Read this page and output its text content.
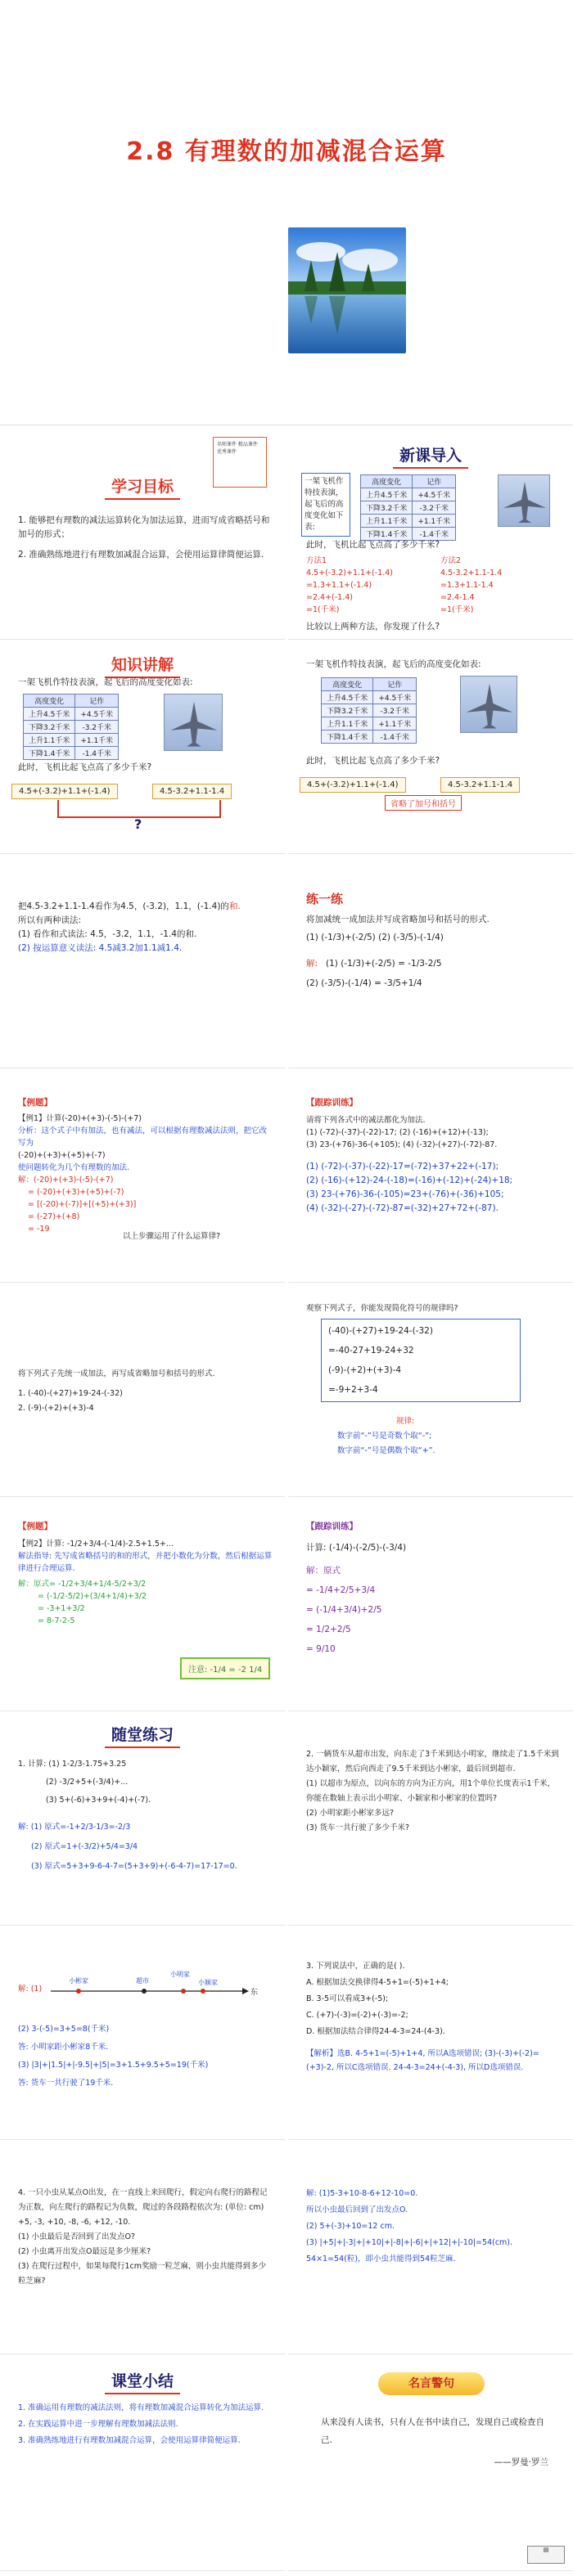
2.8 有理数的加减混合运算
名师课件 精品课件 优秀课件
学习目标
1. 能够把有理数的减法运算转化为加法运算，进而写成省略括号和加号的形式；
2. 准确熟练地进行有理数加减混合运算，会使用运算律简便运算.
新课导入
一架飞机作特技表演，起飞后的高度变化如下表:
高度变化	记作
上升4.5千米	+4.5千米
下降3.2千米	-3.2千米
上升1.1千米	+1.1千米
下降1.4千米	-1.4千米
此时，飞机比起飞点高了多少千米?
方法1
4.5+(-3.2)+1.1+(-1.4)
=1.3+1.1+(-1.4)
=2.4+(-1.4)
=1(千米)
方法2
4.5-3.2+1.1-1.4
=1.3+1.1-1.4
=2.4-1.4
=1(千米)
比较以上两种方法，你发现了什么?
知识讲解
一架飞机作特技表演，起飞后的高度变化如表:
高度变化	记作
上升4.5千米	+4.5千米
下降3.2千米	-3.2千米
上升1.1千米	+1.1千米
下降1.4千米	-1.4千米
此时，飞机比起飞点高了多少千米?
4.5+(-3.2)+1.1+(-1.4)	4.5-3.2+1.1-1.4
?
一架飞机作特技表演，起飞后的高度变化如表:
高度变化	记作
上升4.5千米	+4.5千米
下降3.2千米	-3.2千米
上升1.1千米	+1.1千米
下降1.4千米	-1.4千米
此时，飞机比起飞点高了多少千米?
4.5+(-3.2)+1.1+(-1.4)	4.5-3.2+1.1-1.4
省略了加号和括号
把4.5-3.2+1.1-1.4看作为4.5，(-3.2)，1.1，(-1.4)的和.
所以有两种读法:
(1) 看作和式读法: 4.5，-3.2，1.1，-1.4的和.
(2) 按运算意义读法: 4.5减3.2加1.1减1.4.
练一练
将加减统一成加法并写成省略加号和括号的形式.
(1) (-1/3)+(-2/5) (2) (-3/5)-(-1/4)
解: (1) (-1/3)+(-2/5) = -1/3-2/5
(2) (-3/5)-(-1/4) = -3/5+1/4
【例题】
【例1】计算(-20)+(+3)-(-5)-(+7)
分析：这个式子中有加法，也有减法，可以根据有理数减法法则，把它改写为
(-20)+(+3)+(+5)+(-7)
使问题转化为几个有理数的加法.
解：(-20)+(+3)-(-5)-(+7)
= (-20)+(+3)+(+5)+(-7)
= [(-20)+(-7)]+[(+5)+(+3)]
= (-27)+(+8)
= -19
以上步骤运用了什么运算律?
【跟踪训练】
请将下列各式中的减法都化为加法.
(1) (-72)-(-37)-(-22)-17; (2) (-16)+(+12)+(-13);
(3) 23-(+76)-36-(+105); (4) (-32)-(+27)-(-72)-87.
(1) (-72)-(-37)-(-22)-17=(-72)+37+22+(-17);
(2) (-16)-(+12)-24-(-18)=(-16)+(-12)+(-24)+18;
(3) 23-(+76)-36-(-105)=23+(-76)+(-36)+105;
(4) (-32)-(-27)-(-72)-87=(-32)+27+72+(-87).
将下列式子先统一成加法，再写成省略加号和括号的形式.
1. (-40)-(+27)+19-24-(-32)
2. (-9)-(+2)+(+3)-4
观察下列式子，你能发现简化符号的规律吗?
(-40)-(+27)+19-24-(-32)
=-40-27+19-24+32
(-9)-(+2)+(+3)-4
=-9+2+3-4
规律:
数字前“-”号是奇数个取“-”;
数字前“-”号是偶数个取“+”.
【例题】
【例2】计算: -1/2+3/4-(-1/4)-2.5+1.5+...
解法指导: 先写成省略括号的和的形式，并把小数化为分数，然后根据运算律进行合理运算.
解：原式= -1/2+3/4+1/4-5/2+3/2
= (-1/2-5/2)+(3/4+1/4)+3/2
= -3+1+3/2
= 8-7-2-5
注意: -1/4 = -2 1/4
【跟踪训练】
计算: (-1/4)-(-2/5)-(-3/4)
解：原式
= -1/4+2/5+3/4
= (-1/4+3/4)+2/5
= 1/2+2/5
= 9/10
随堂练习
1. 计算: (1) 1-2/3-1.75+3.25
(2) -3/2+5+(-3/4)+...
(3) 5+(-6)+3+9+(-4)+(-7).
解: (1) 原式=-1+2/3-1/3=-2/3
(2) 原式=1+(-3/2)+5/4=3/4
(3) 原式=5+3+9-6-4-7=(5+3+9)+(-6-4-7)=17-17=0.
2. 一辆货车从超市出发，向东走了3千米到达小明家，继续走了1.5千米到达小颖家，然后向西走了9.5千米到达小彬家，最后回到超市.
(1) 以超市为原点，以向东的方向为正方向，用1个单位长度表示1千米，你能在数轴上表示出小明家、小颖家和小彬家的位置吗?
(2) 小明家距小彬家多远?
(3) 货车一共行驶了多少千米?
解: (1)
小彬家	超市
小明家
小颖家
东
(2) 3-(-5)=3+5=8(千米)
答: 小明家距小彬家8千米.
(3) |3|+|1.5|+|-9.5|+|5|=3+1.5+9.5+5=19(千米)
答: 货车一共行驶了19千米.
3. 下列说法中，正确的是( ).
A. 根据加法交换律得4-5+1=(-5)+1+4;
B. 3-5可以看成3+(-5);
C. (+7)-(-3)=(-2)+(-3)=-2;
D. 根据加法结合律得24-4-3=24-(4-3).
【解析】选B. 4-5+1=(-5)+1+4, 所以A选项错误; (3)-(-3)+(-2)=(+3)-2, 所以C选项错误. 24-4-3=24+(-4-3), 所以D选项错误.
4. 一只小虫从某点O出发，在一直线上来回爬行，假定向右爬行的路程记为正数，向左爬行的路程记为负数，爬过的各段路程依次为: (单位: cm)
+5, -3, +10, -8, -6, +12, -10.
(1) 小虫最后是否回到了出发点O?
(2) 小虫离开出发点O最远是多少厘米?
(3) 在爬行过程中，如果每爬行1cm奖励一粒芝麻，则小虫共能得到多少粒芝麻?
解: (1)5-3+10-8-6+12-10=0.
所以小虫最后回到了出发点O.
(2) 5+(-3)+10=12 cm.
(3) |+5|+|-3|+|+10|+|-8|+|-6|+|+12|+|-10|=54(cm).
54×1=54(粒)，即小虫共能得到54粒芝麻.
课堂小结
1. 准确运用有理数的减法法则，将有理数加减混合运算转化为加法运算.
2. 在实践运算中进一步理解有理数加减法法则.
3. 准确熟练地进行有理数加减混合运算，会使用运算律简便运算.
名言警句
从来没有人读书，只有人在书中读自己，发现自己或检查自己.
——罗曼·罗兰
▤
